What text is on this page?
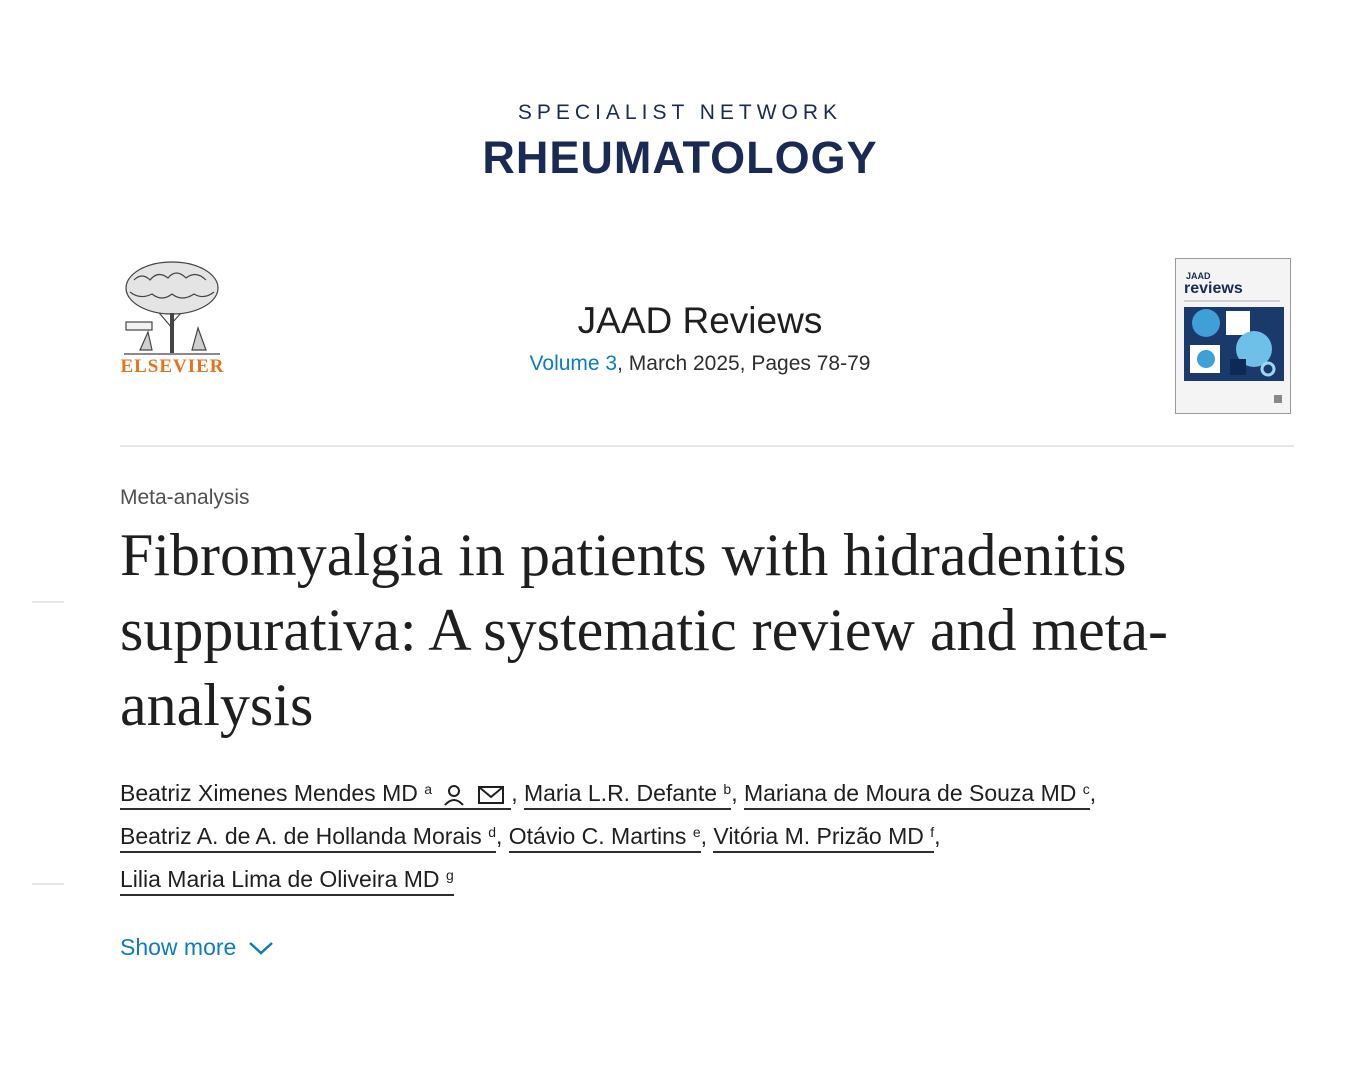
SPECIALIST NETWORK
RHEUMATOLOGY
ELSEVIER
JAAD Reviews
Volume 3, March 2025, Pages 78-79
JAAD
reviews
Meta-analysis
Fibromyalgia in patients with hidradenitis suppurativa: A systematic review and meta-analysis
Beatriz Ximenes Mendes MD $^a$	, Maria L.R. Defante $^b$, Mariana de Moura de Souza MD $^c$,
Beatriz A. de A. de Hollanda Morais $^d$, Otávio C. Martins $^e$, Vitória M. Prizão MD $^f$,
Lilia Maria Lima de Oliveira MD $^g$
Show more
